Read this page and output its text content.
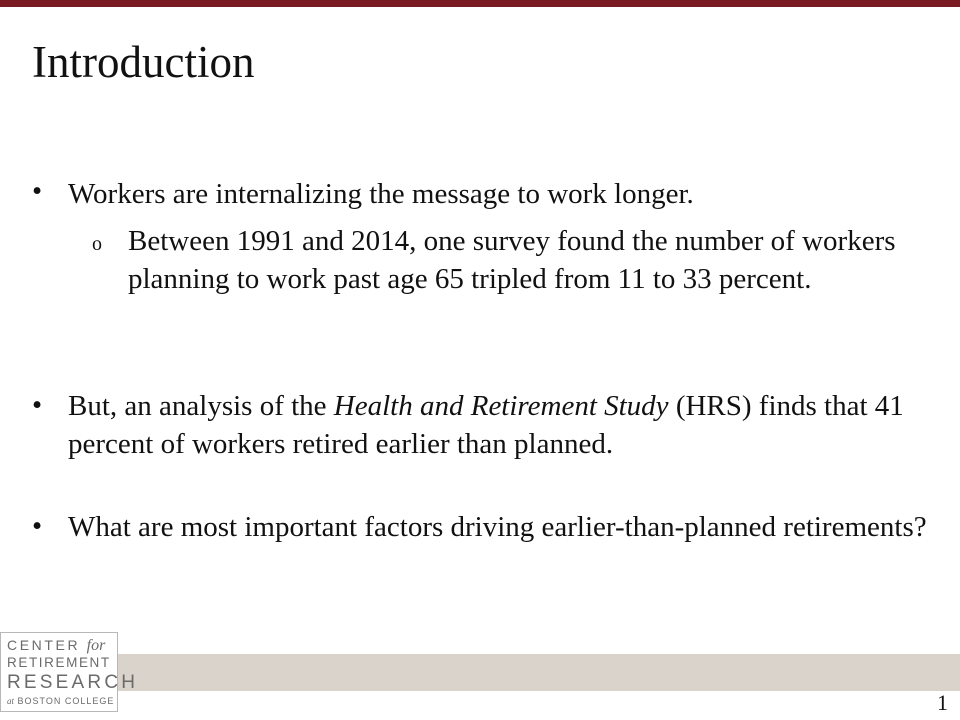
Introduction
• Workers are internalizing the message to work longer.

o Between 1991 and 2014, one survey found the number of workers planning to work past age 65 tripled from 11 to 33 percent.

• But, an analysis of the Health and Retirement Study (HRS) finds that 41 percent of workers retired earlier than planned.

• What are most important factors driving earlier-than-planned retirements?

CENTER for
RETIREMENT
RESEARCH
at BOSTON COLLEGE	1
